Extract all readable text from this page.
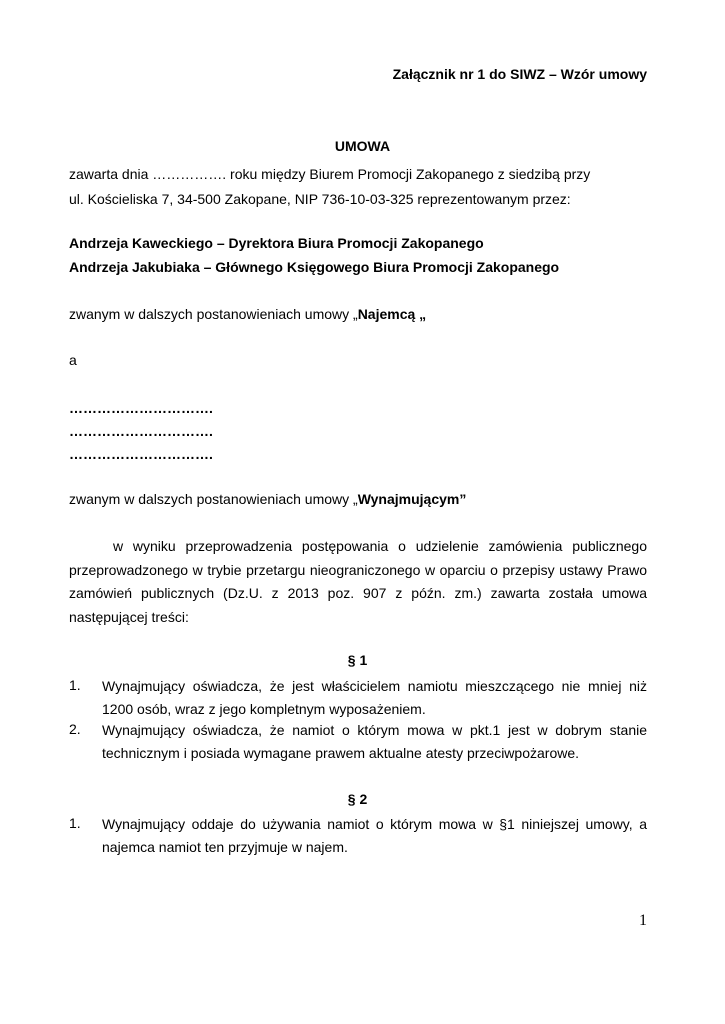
Załącznik nr 1 do SIWZ – Wzór umowy
UMOWA
zawarta dnia ……………. roku między Biurem Promocji Zakopanego z siedzibą przy
ul. Kościeliska 7, 34-500 Zakopane, NIP 736-10-03-325 reprezentowanym przez:
Andrzeja Kaweckiego – Dyrektora Biura Promocji Zakopanego
Andrzeja Jakubiaka – Głównego Księgowego Biura Promocji Zakopanego
zwanym w dalszych postanowieniach umowy „Najemcą „
a
………………………….
………………………….
………………………….
zwanym w dalszych postanowieniach umowy „Wynajmującym”
w wyniku przeprowadzenia postępowania o udzielenie zamówienia publicznego przeprowadzonego w trybie przetargu nieograniczonego w oparciu o przepisy ustawy Prawo zamówień publicznych (Dz.U. z 2013 poz. 907 z późn. zm.) zawarta została umowa następującej treści:
§ 1
1. Wynajmujący oświadcza, że jest właścicielem namiotu mieszczącego nie mniej niż 1200 osób, wraz z jego kompletnym wyposażeniem.
2. Wynajmujący oświadcza, że namiot o którym mowa w pkt.1 jest w dobrym stanie technicznym i posiada wymagane prawem aktualne atesty przeciwpożarowe.
§ 2
1. Wynajmujący oddaje do używania namiot o którym mowa w §1 niniejszej umowy, a najemca namiot ten przyjmuje w najem.
1
